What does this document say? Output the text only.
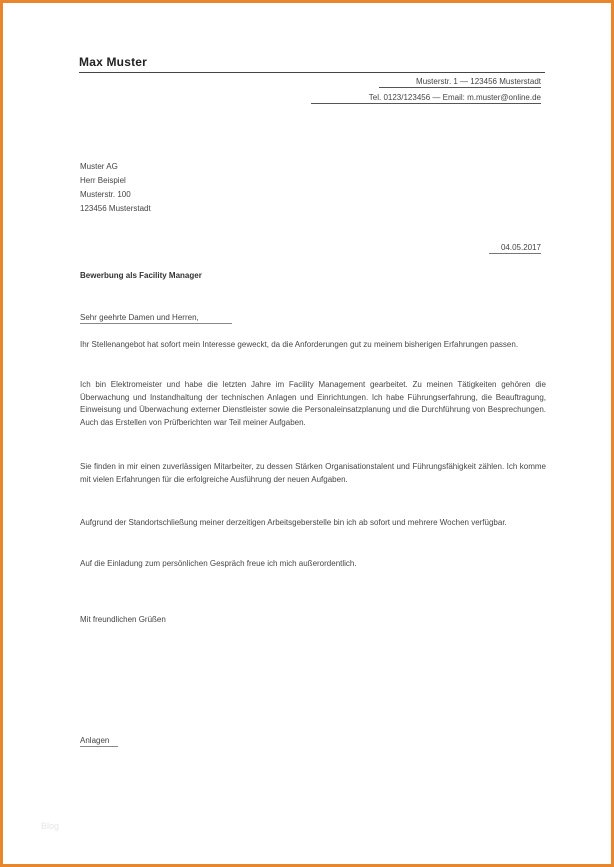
Max Muster
Musterstr. 1 — 123456 Musterstadt
Tel. 0123/123456 — Email: m.muster@online.de
Muster AG
Herr Beispiel
Musterstr. 100
123456 Musterstadt
04.05.2017
Bewerbung als Facility Manager
Sehr geehrte Damen und Herren,
Ihr Stellenangebot hat sofort mein Interesse geweckt, da die Anforderungen gut zu meinem bisherigen Erfahrungen passen.
Ich bin Elektromeister und habe die letzten Jahre im Facility Management gearbeitet. Zu meinen Tätigkeiten gehören die Überwachung und Instandhaltung der technischen Anlagen und Einrichtungen. Ich habe Führungserfahrung, die Beauftragung, Einweisung und Überwachung externer Dienstleister sowie die Personaleinsatzplanung und die Durchführung von Besprechungen. Auch das Erstellen von Prüfberichten war Teil meiner Aufgaben.
Sie finden in mir einen zuverlässigen Mitarbeiter, zu dessen Stärken Organisationstalent und Führungsfähigkeit zählen. Ich komme mit vielen Erfahrungen für die erfolgreiche Ausführung der neuen Aufgaben.
Aufgrund der Standortschließung meiner derzeitigen Arbeitsgeberstelle bin ich ab sofort und mehrere Wochen verfügbar.
Auf die Einladung zum persönlichen Gespräch freue ich mich außerordentlich.
Mit freundlichen Grüßen
Anlagen
Blog
